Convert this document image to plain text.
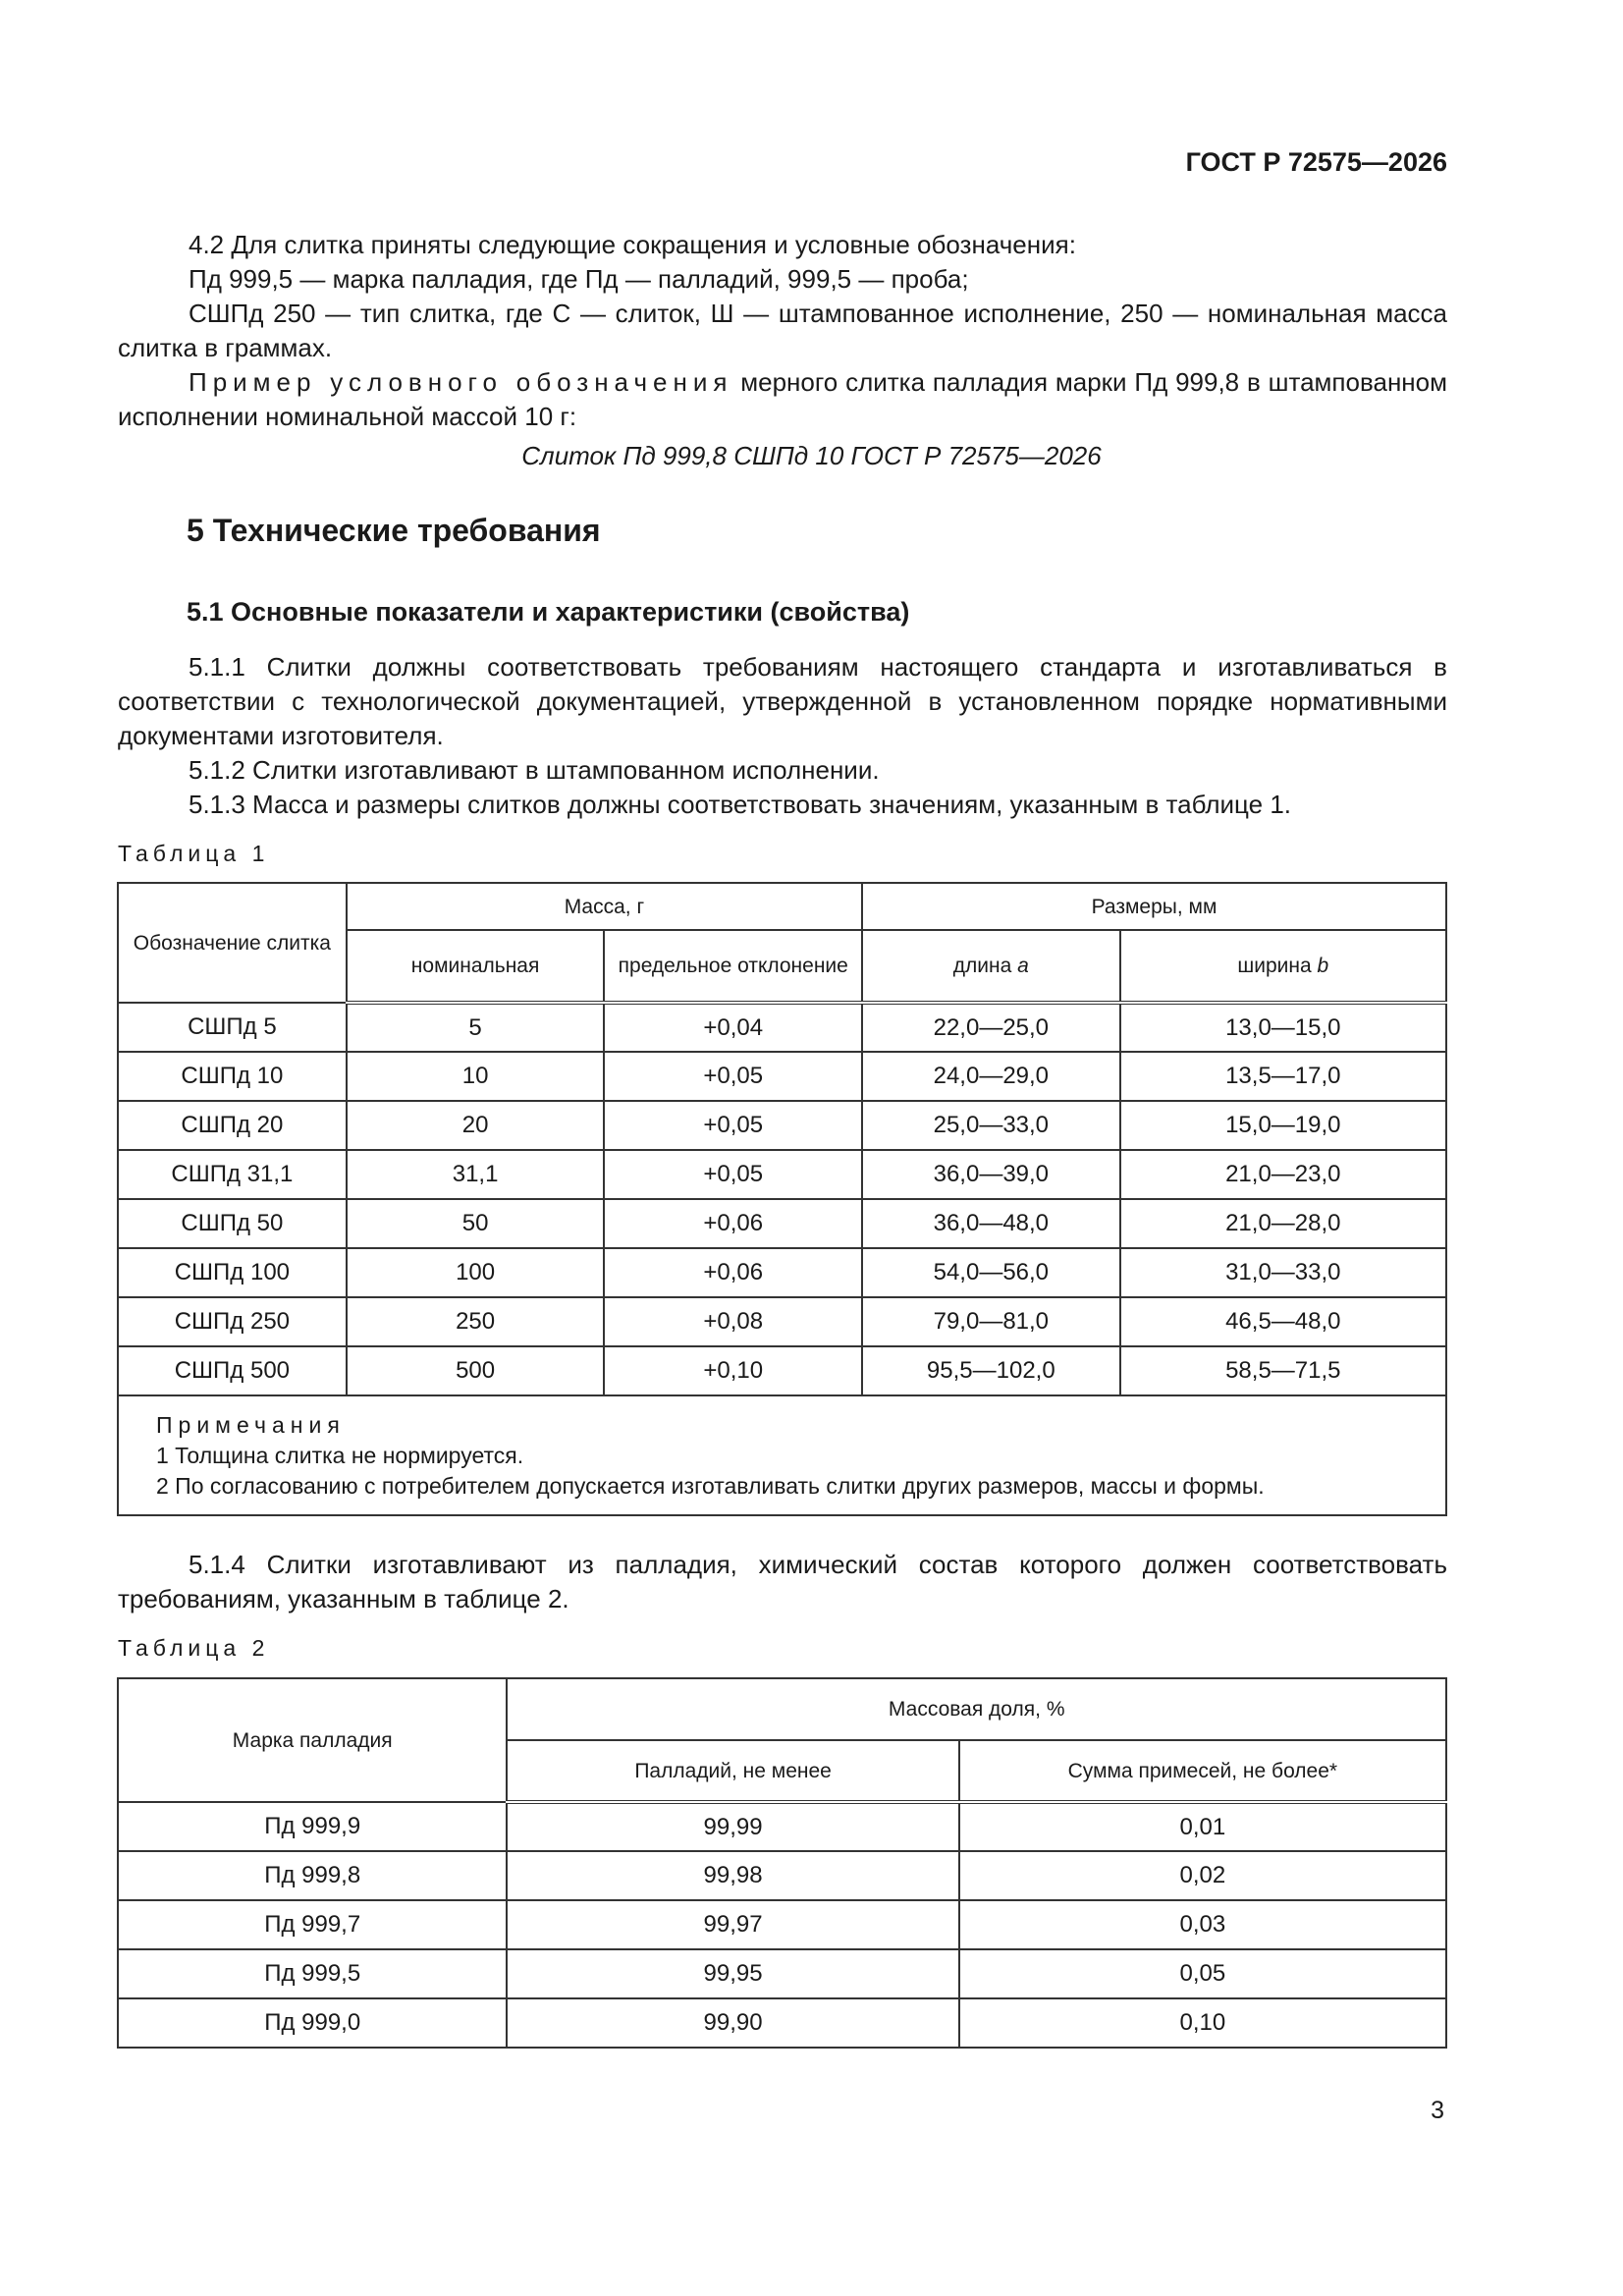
ГОСТ Р 72575—2026
4.2 Для слитка приняты следующие сокращения и условные обозначения:
Пд 999,5 — марка палладия, где Пд — палладий, 999,5 — проба;
СШПд 250 — тип слитка, где С — слиток, Ш — штампованное исполнение, 250 — номинальная масса слитка в граммах.
Пример условного обозначения мерного слитка палладия марки Пд 999,8 в штампованном исполнении номинальной массой 10 г:
Слиток Пд 999,8 СШПд 10 ГОСТ Р 72575—2026
5 Технические требования
5.1 Основные показатели и характеристики (свойства)
5.1.1 Слитки должны соответствовать требованиям настоящего стандарта и изготавливаться в соответствии с технологической документацией, утвержденной в установленном порядке нормативными документами изготовителя.
5.1.2 Слитки изготавливают в штампованном исполнении.
5.1.3 Масса и размеры слитков должны соответствовать значениям, указанным в таблице 1.
Таблица 1
Обозначение слитка	Масса, г		Размеры, мм	
	номинальная	предельное отклонение	длина a	ширина b
СШПд 5	5	+0,04	22,0—25,0	13,0—15,0
СШПд 10	10	+0,05	24,0—29,0	13,5—17,0
СШПд 20	20	+0,05	25,0—33,0	15,0—19,0
СШПд 31,1	31,1	+0,05	36,0—39,0	21,0—23,0
СШПд 50	50	+0,06	36,0—48,0	21,0—28,0
СШПд 100	100	+0,06	54,0—56,0	31,0—33,0
СШПд 250	250	+0,08	79,0—81,0	46,5—48,0
СШПд 500	500	+0,10	95,5—102,0	58,5—71,5

Примечания
1 Толщина слитка не нормируется.
2 По согласованию с потребителем допускается изготавливать слитки других размеров, массы и формы.				
5.1.4 Слитки изготавливают из палладия, химический состав которого должен соответствовать требованиям, указанным в таблице 2.
Таблица 2
Марка палладия	Массовая доля, %	
	Палладий, не менее	Сумма примесей, не более*
Пд 999,9	99,99	0,01
Пд 999,8	99,98	0,02
Пд 999,7	99,97	0,03
Пд 999,5	99,95	0,05
Пд 999,0	99,90	0,10
3
